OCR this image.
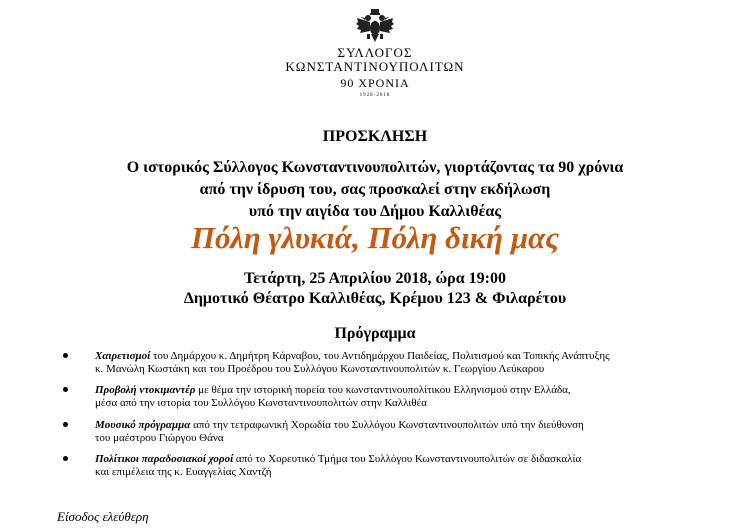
ΣΥΛΛΟΓΟΣ
ΚΩΝΣΤΑΝΤΙΝΟΥΠΟΛΙΤΩΝ
90 ΧΡΟΝΙΑ
1928-2018
ΠΡΟΣΚΛΗΣΗ
Ο ιστορικός Σύλλογος Κωνσταντινουπολιτών, γιορτάζοντας τα 90 χρόνια
από την ίδρυση του, σας προσκαλεί στην εκδήλωση
υπό την αιγίδα του Δήμου Καλλιθέας
Πόλη γλυκιά, Πόλη δική μας
Τετάρτη, 25 Απριλίου 2018, ώρα 19:00
Δημοτικό Θέατρο Καλλιθέας, Κρέμου 123 & Φιλαρέτου
Πρόγραμμα
Χαιρετισμοί του Δημάρχου κ. Δημήτρη Κάρναβου, του Αντιδημάρχου Παιδείας, Πολιτισμού και Τοπικής Ανάπτυξης
κ. Μανώλη Κωστάκη και του Προέδρου του Συλλόγου Κωνσταντινουπολιτών κ. Γεωργίου Λεύκαρου
Προβολή ντοκιμαντέρ με θέμα την ιστορική πορεία του κωνσταντινουπολίτικου Ελληνισμού στην Ελλάδα,
μέσα από την ιστορία του Συλλόγου Κωνσταντινουπολιτών στην Καλλιθέα
Μουσικό πρόγραμμα από την τετραφωνική Χορωδία του Συλλόγου Κωνσταντινουπολιτών υπό την διεύθυνση
του μαέστρου Γιώργου Θάνα
Πολίτικοι παραδοσιακοί χοροί από το Χορευτικό Τμήμα του Συλλόγου Κωνσταντινουπολιτών σε διδασκαλία
και επιμέλεια της κ. Ευαγγελίας Χαντζή
Είσοδος ελεύθερη
